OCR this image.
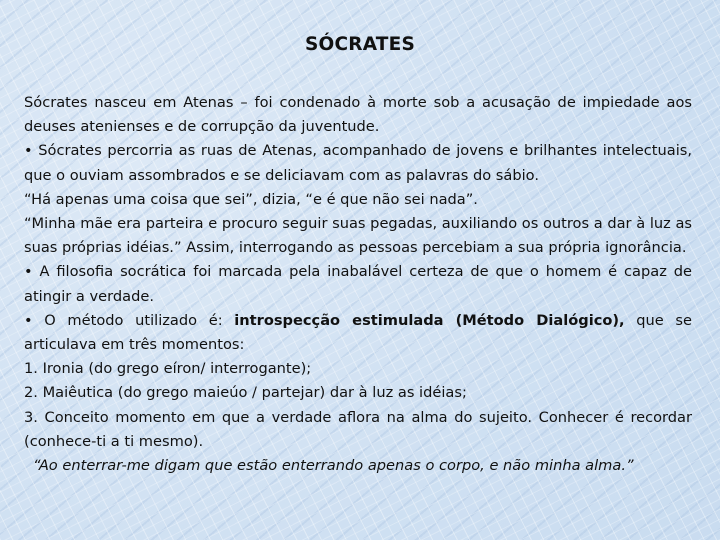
SÓCRATES

Sócrates nasceu em Atenas – foi condenado à morte sob a acusação de impiedade aos deuses atenienses e de corrupção da juventude.

• Sócrates percorria as ruas de Atenas, acompanhado de jovens e brilhantes intelectuais, que o ouviam assombrados e se deliciavam com as palavras do sábio.

“Há apenas uma coisa que sei”, dizia, “e é que não sei nada”.

“Minha mãe era parteira e procuro seguir suas pegadas, auxiliando os outros a dar à luz as suas próprias idéias.” Assim, interrogando as pessoas percebiam a sua própria ignorância.

• A filosofia socrática foi marcada pela inabalável certeza de que o homem é capaz de atingir a verdade.

• O método utilizado é: introspecção estimulada (Método Dialógico), que se articulava em três momentos:

1. Ironia (do grego eíron/ interrogante);

2. Maiêutica (do grego maieúo / partejar) dar à luz as idéias;

3. Conceito momento em que a verdade aflora na alma do sujeito. Conhecer é recordar (conhece-ti a ti mesmo).

“Ao enterrar-me digam que estão enterrando apenas o corpo, e não minha alma.”
